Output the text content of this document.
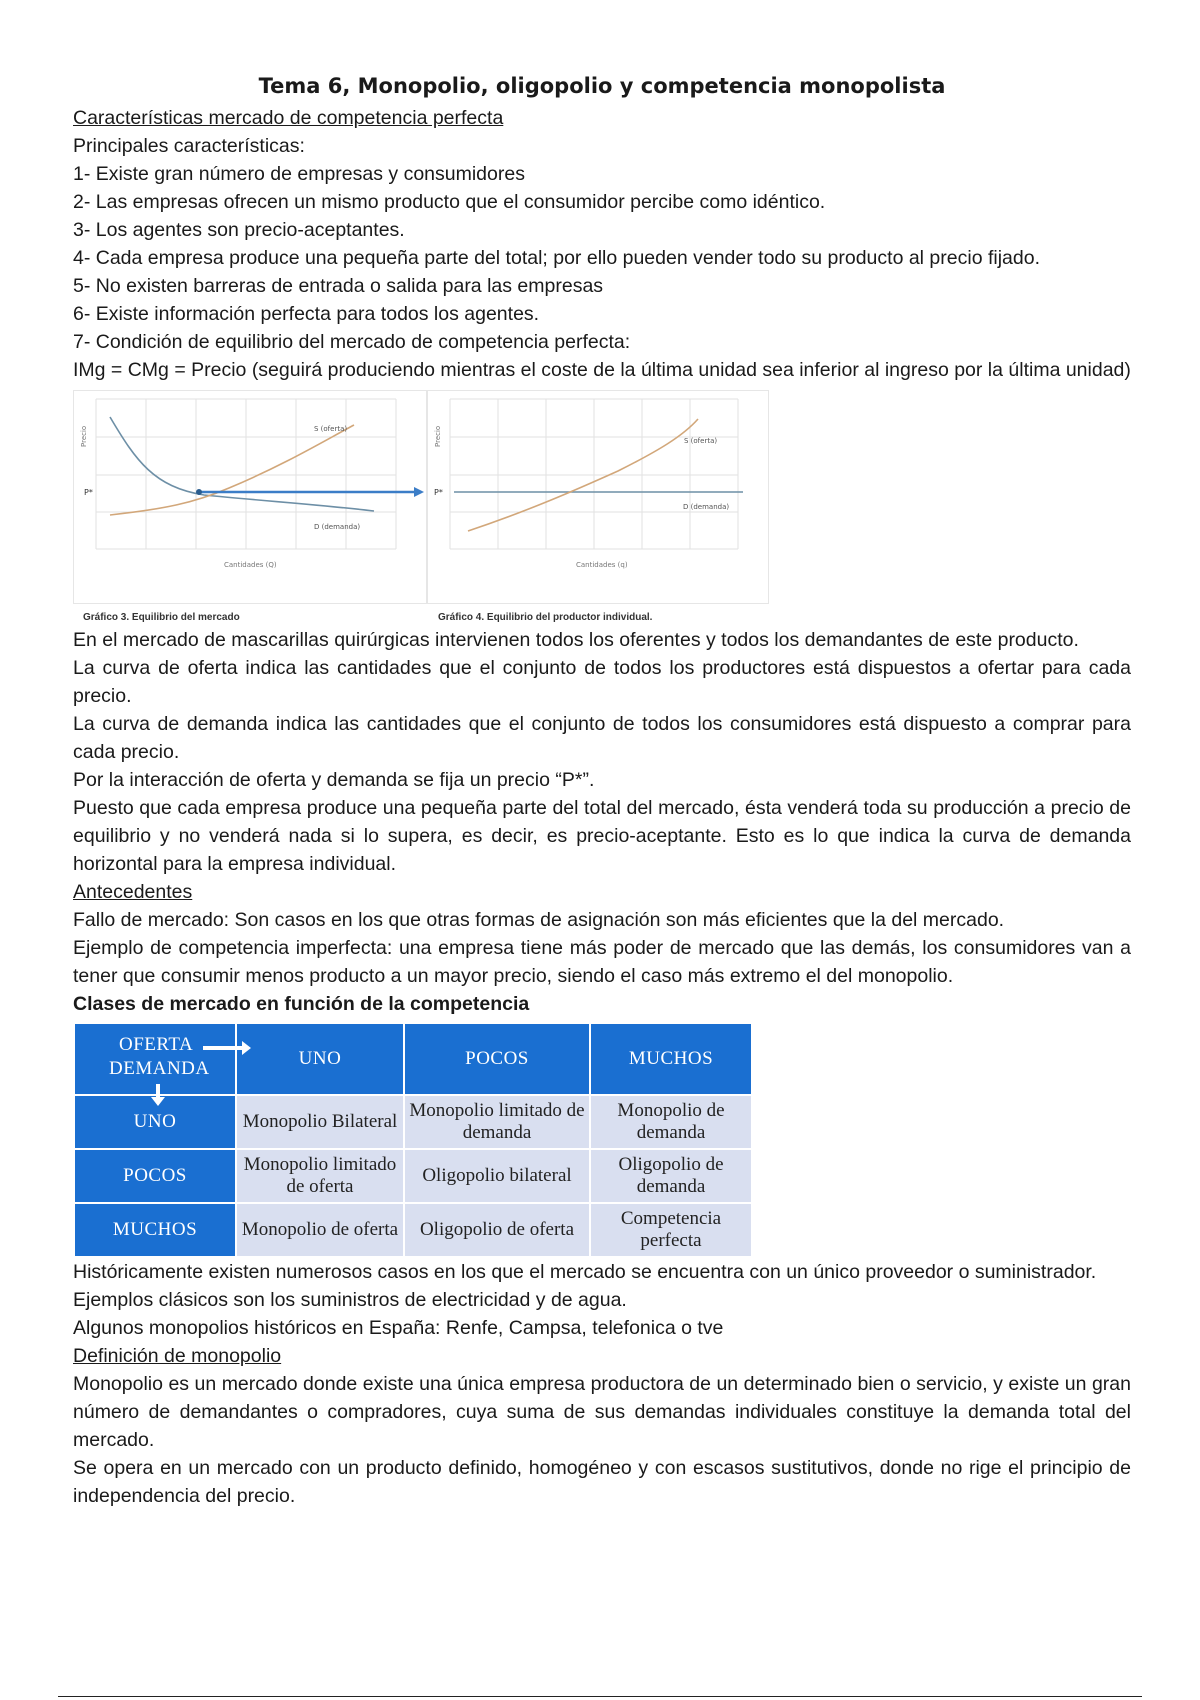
Tema 6, Monopolio, oligopolio y competencia monopolista
Características mercado de competencia perfecta

Principales características:

1- Existe gran número de empresas y consumidores

2- Las empresas ofrecen un mismo producto que el consumidor percibe como idéntico.

3- Los agentes son precio-aceptantes.

4- Cada empresa produce una pequeña parte del total; por ello pueden vender todo su producto al precio fijado.

5- No existen barreras de entrada o salida para las empresas

6- Existe información perfecta para todos los agentes.

7- Condición de equilibrio del mercado de competencia perfecta:

IMg = CMg = Precio (seguirá produciendo mientras el coste de la última unidad sea inferior al ingreso por la última unidad)

P*
Precio	S (oferta)
D (demanda)
Cantidades (Q)
Gráfico 3. Equilibrio del mercado
P*
Precio	S (oferta)
D (demanda)
Cantidades (q)
Gráfico 4. Equilibrio del productor individual.

En el mercado de mascarillas quirúrgicas intervienen todos los oferentes y todos los demandantes de este producto.

La curva de oferta indica las cantidades que el conjunto de todos los productores está dispuestos a ofertar para cada precio.

La curva de demanda indica las cantidades que el conjunto de todos los consumidores está dispuesto a comprar para cada precio.

Por la interacción de oferta y demanda se fija un precio “P*”.

Puesto que cada empresa produce una pequeña parte del total del mercado, ésta venderá toda su producción a precio de equilibrio y no venderá nada si lo supera, es decir, es precio-aceptante. Esto es lo que indica la curva de demanda horizontal para la empresa individual.

Antecedentes

Fallo de mercado: Son casos en los que otras formas de asignación son más eficientes que la del mercado.

Ejemplo de competencia imperfecta: una empresa tiene más poder de mercado que las demás, los consumidores van a tener que consumir menos producto a un mayor precio, siendo el caso más extremo el del monopolio.

Clases de mercado en función de la competencia
OFERTA
DEMANDA	UNO	POCOS	MUCHOS
UNO	Monopolio Bilateral	Monopolio limitado de demanda	Monopolio de demanda
POCOS	Monopolio limitado de oferta	Oligopolio bilateral	Oligopolio de demanda
MUCHOS	Monopolio de oferta	Oligopolio de oferta	Competencia perfecta

Históricamente existen numerosos casos en los que el mercado se encuentra con un único proveedor o suministrador.

Ejemplos clásicos son los suministros de electricidad y de agua.

Algunos monopolios históricos en España: Renfe, Campsa, telefonica o tve

Definición de monopolio

Monopolio es un mercado donde existe una única empresa productora de un determinado bien o servicio, y existe un gran número de demandantes o compradores, cuya suma de sus demandas individuales constituye la demanda total del mercado.

Se opera en un mercado con un producto definido, homogéneo y con escasos sustitutivos, donde no rige el principio de independencia del precio.
